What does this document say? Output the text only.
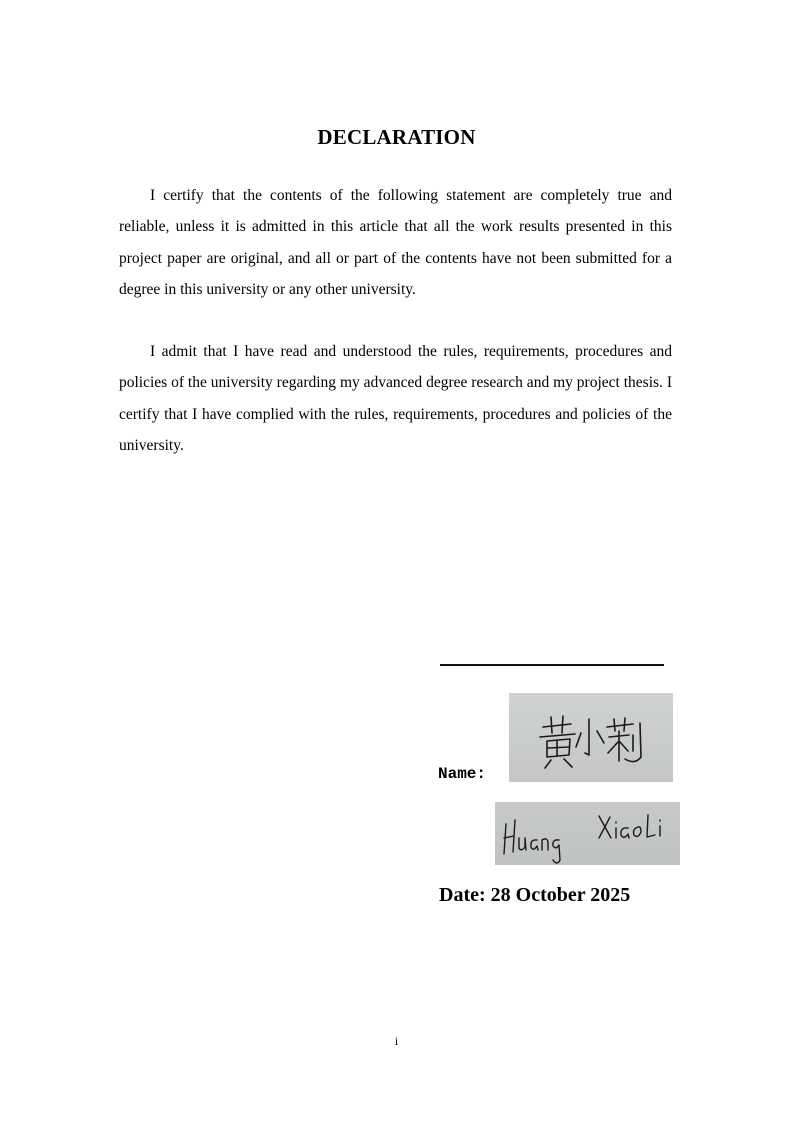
DECLARATION

I certify that the contents of the following statement are completely true and reliable, unless it is admitted in this article that all the work results presented in this project paper are original, and all or part of the contents have not been submitted for a degree in this university or any other university.

I admit that I have read and understood the rules, requirements, procedures and policies of the university regarding my advanced degree research and my project thesis. I certify that I have complied with the rules, requirements, procedures and policies of the university.

Name:
Date: 28 October 2025
i
